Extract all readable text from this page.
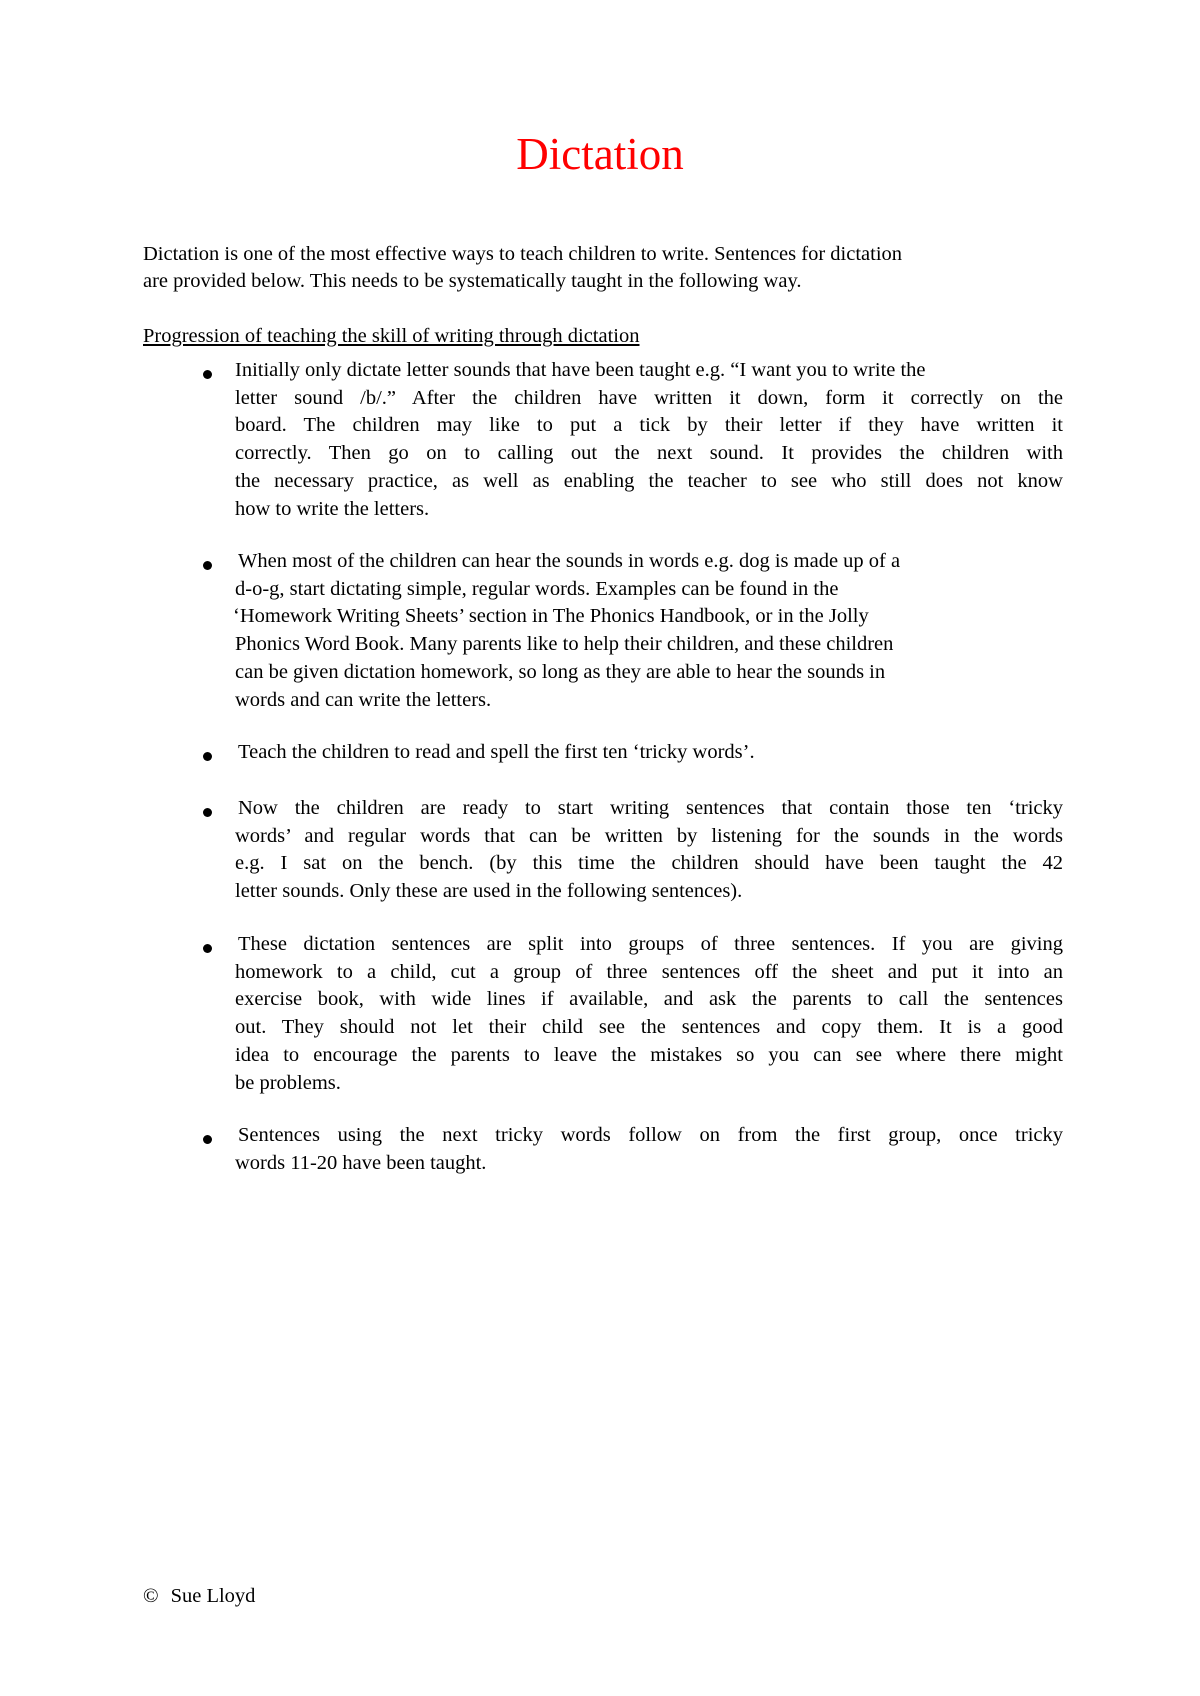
Dictation

Dictation is one of the most effective ways to teach children to write. Sentences for dictation
are provided below. This needs to be systematically taught in the following way.

Progression of teaching the skill of writing through dictation

Initially only dictate letter sounds that have been taught e.g. “I want you to write the
letter sound /b/.” After the children have written it down, form it correctly on the
board. The children may like to put a tick by their letter if they have written it
correctly. Then go on to calling out the next sound. It provides the children with
the necessary practice, as well as enabling the teacher to see who still does not know
how to write the letters.
When most of the children can hear the sounds in words e.g. dog is made up of a
d-o-g, start dictating simple, regular words. Examples can be found in the
‘Homework Writing Sheets’ section in The Phonics Handbook, or in the Jolly
Phonics Word Book. Many parents like to help their children, and these children
can be given dictation homework, so long as they are able to hear the sounds in
words and can write the letters.
Teach the children to read and spell the first ten ‘tricky words’.
Now the children are ready to start writing sentences that contain those ten ‘tricky
words’ and regular words that can be written by listening for the sounds in the words
e.g. I sat on the bench. (by this time the children should have been taught the 42
letter sounds. Only these are used in the following sentences).
These dictation sentences are split into groups of three sentences. If you are giving
homework to a child, cut a group of three sentences off the sheet and put it into an
exercise book, with wide lines if available, and ask the parents to call the sentences
out. They should not let their child see the sentences and copy them. It is a good
idea to encourage the parents to leave the mistakes so you can see where there might
be problems.
Sentences using the next tricky words follow on from the first group, once tricky
words 11-20 have been taught.
© Sue Lloyd
